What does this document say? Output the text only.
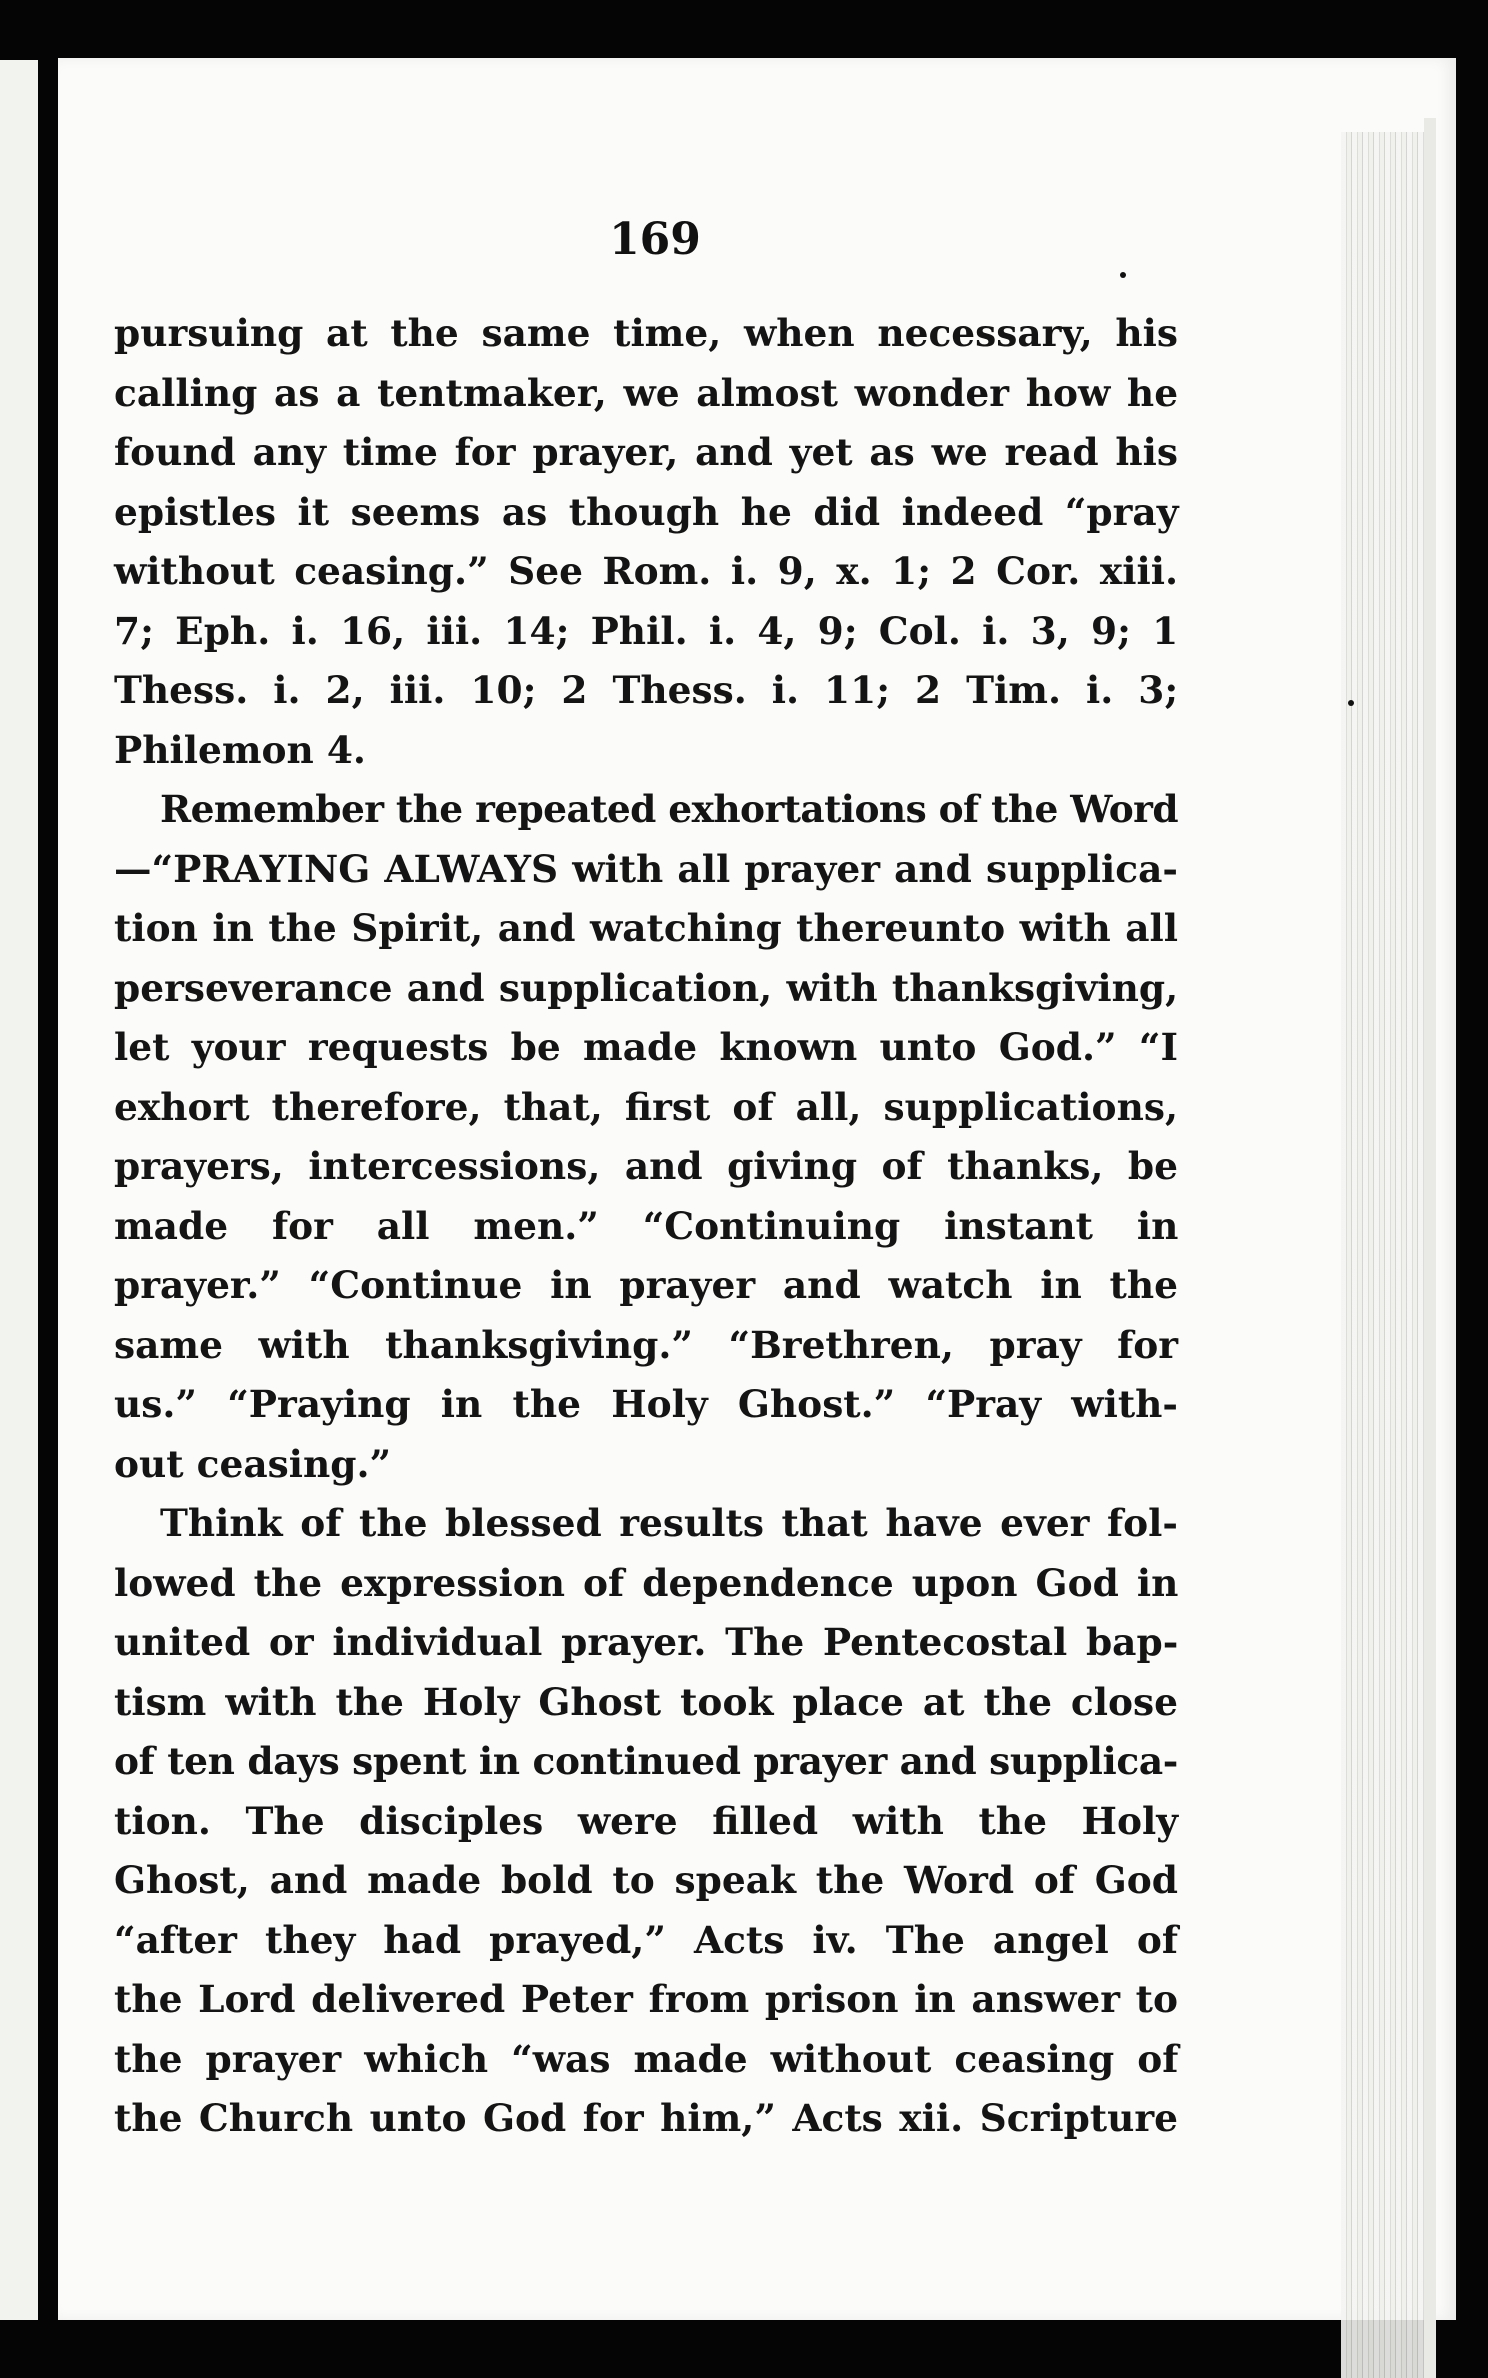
169
pursuing at the same time, when necessary, his
calling as a tentmaker, we almost wonder how he
found any time for prayer, and yet as we read his
epistles it seems as though he did indeed “pray
without ceasing.” See Rom. i. 9, x. 1; 2 Cor. xiii.
7; Eph. i. 16, iii. 14; Phil. i. 4, 9; Col. i. 3, 9; 1
Thess. i. 2, iii. 10; 2 Thess. i. 11; 2 Tim. i. 3;
Philemon 4.
Remember the repeated exhortations of the Word
—“PRAYING ALWAYS with all prayer and supplica-
tion in the Spirit, and watching thereunto with all
perseverance and supplication, with thanksgiving,
let your requests be made known unto God.” “I
exhort therefore, that, first of all, supplications,
prayers, intercessions, and giving of thanks, be
made for all men.” “Continuing instant in
prayer.” “Continue in prayer and watch in the
same with thanksgiving.” “Brethren, pray for
us.” “Praying in the Holy Ghost.” “Pray with-
out ceasing.”
Think of the blessed results that have ever fol-
lowed the expression of dependence upon God in
united or individual prayer. The Pentecostal bap-
tism with the Holy Ghost took place at the close
of ten days spent in continued prayer and supplica-
tion. The disciples were filled with the Holy
Ghost, and made bold to speak the Word of God
“after they had prayed,” Acts iv. The angel of
the Lord delivered Peter from prison in answer to
the prayer which “was made without ceasing of
the Church unto God for him,” Acts xii. Scripture
